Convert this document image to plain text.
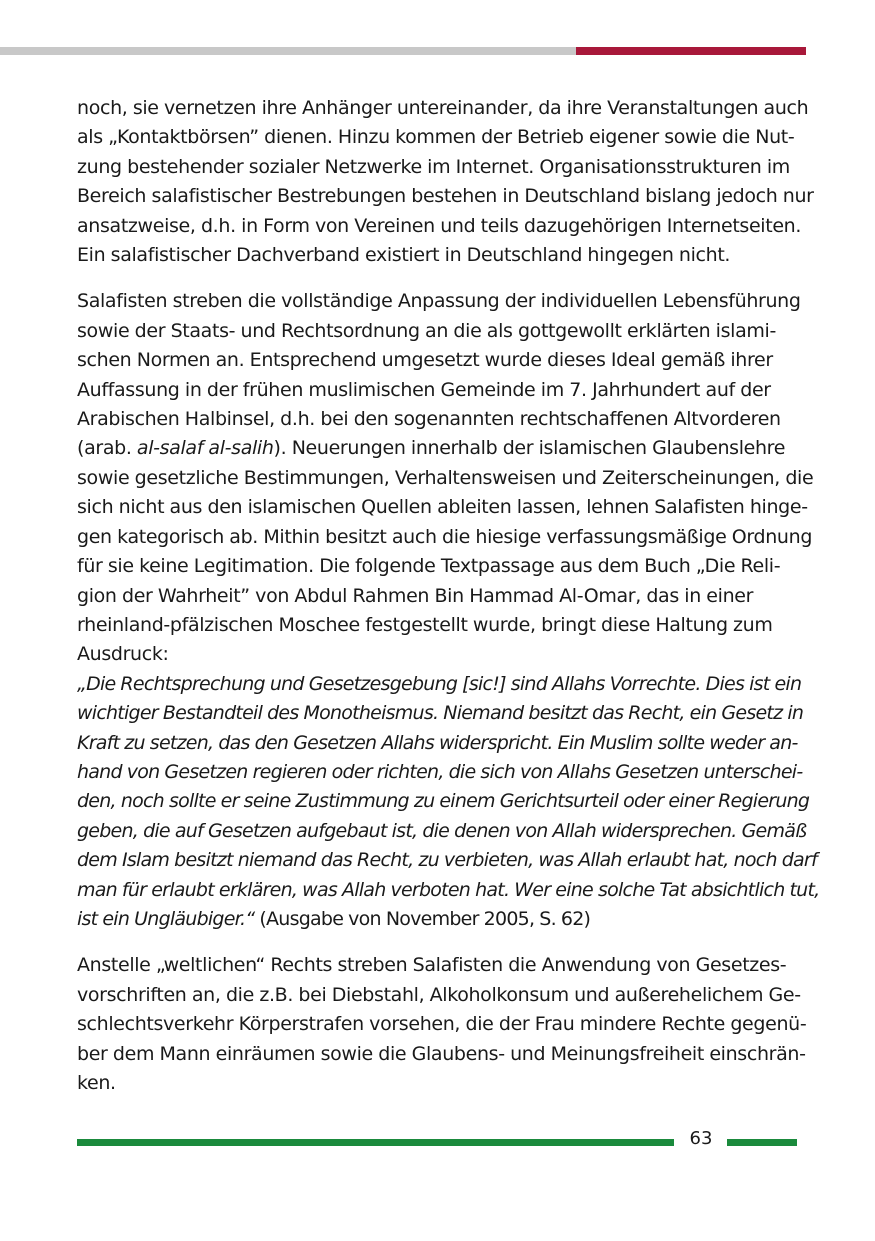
noch, sie vernetzen ihre Anhänger untereinander, da ihre Veranstaltungen auch
als „Kontaktbörsen” dienen. Hinzu kommen der Betrieb eigener sowie die Nut-
zung bestehender sozialer Netzwerke im Internet. Organisationsstrukturen im
Bereich salafistischer Bestrebungen bestehen in Deutschland bislang jedoch nur
ansatzweise, d.h. in Form von Vereinen und teils dazugehörigen Internetseiten.
Ein salafistischer Dachverband existiert in Deutschland hingegen nicht.

Salafisten streben die vollständige Anpassung der individuellen Lebensführung
sowie der Staats- und Rechtsordnung an die als gottgewollt erklärten islami-
schen Normen an. Entsprechend umgesetzt wurde dieses Ideal gemäß ihrer
Auffassung in der frühen muslimischen Gemeinde im 7. Jahrhundert auf der
Arabischen Halbinsel, d.h. bei den sogenannten rechtschaffenen Altvorderen
(arab. al-salaf al-salih). Neuerungen innerhalb der islamischen Glaubenslehre
sowie gesetzliche Bestimmungen, Verhaltensweisen und Zeiterscheinungen, die
sich nicht aus den islamischen Quellen ableiten lassen, lehnen Salafisten hinge-
gen kategorisch ab. Mithin besitzt auch die hiesige verfassungsmäßige Ordnung
für sie keine Legitimation. Die folgende Textpassage aus dem Buch „Die Reli-
gion der Wahrheit” von Abdul Rahmen Bin Hammad Al-Omar, das in einer
rheinland-pfälzischen Moschee festgestellt wurde, bringt diese Haltung zum
Ausdruck:

„Die Rechtsprechung und Gesetzesgebung [sic!] sind Allahs Vorrechte. Dies ist ein
wichtiger Bestandteil des Monotheismus. Niemand besitzt das Recht, ein Gesetz in
Kraft zu setzen, das den Gesetzen Allahs widerspricht. Ein Muslim sollte weder an-
hand von Gesetzen regieren oder richten, die sich von Allahs Gesetzen unterschei-
den, noch sollte er seine Zustimmung zu einem Gerichtsurteil oder einer Regierung
geben, die auf Gesetzen aufgebaut ist, die denen von Allah widersprechen. Gemäß
dem Islam besitzt niemand das Recht, zu verbieten, was Allah erlaubt hat, noch darf
man für erlaubt erklären, was Allah verboten hat. Wer eine solche Tat absichtlich tut,
ist ein Ungläubiger.“ (Ausgabe von November 2005, S. 62)

Anstelle „weltlichen“ Rechts streben Salafisten die Anwendung von Gesetzes-
vorschriften an, die z.B. bei Diebstahl, Alkoholkonsum und außerehelichem Ge-
schlechtsverkehr Körperstrafen vorsehen, die der Frau mindere Rechte gegenü-
ber dem Mann einräumen sowie die Glaubens- und Meinungsfreiheit einschrän-
ken.

63
